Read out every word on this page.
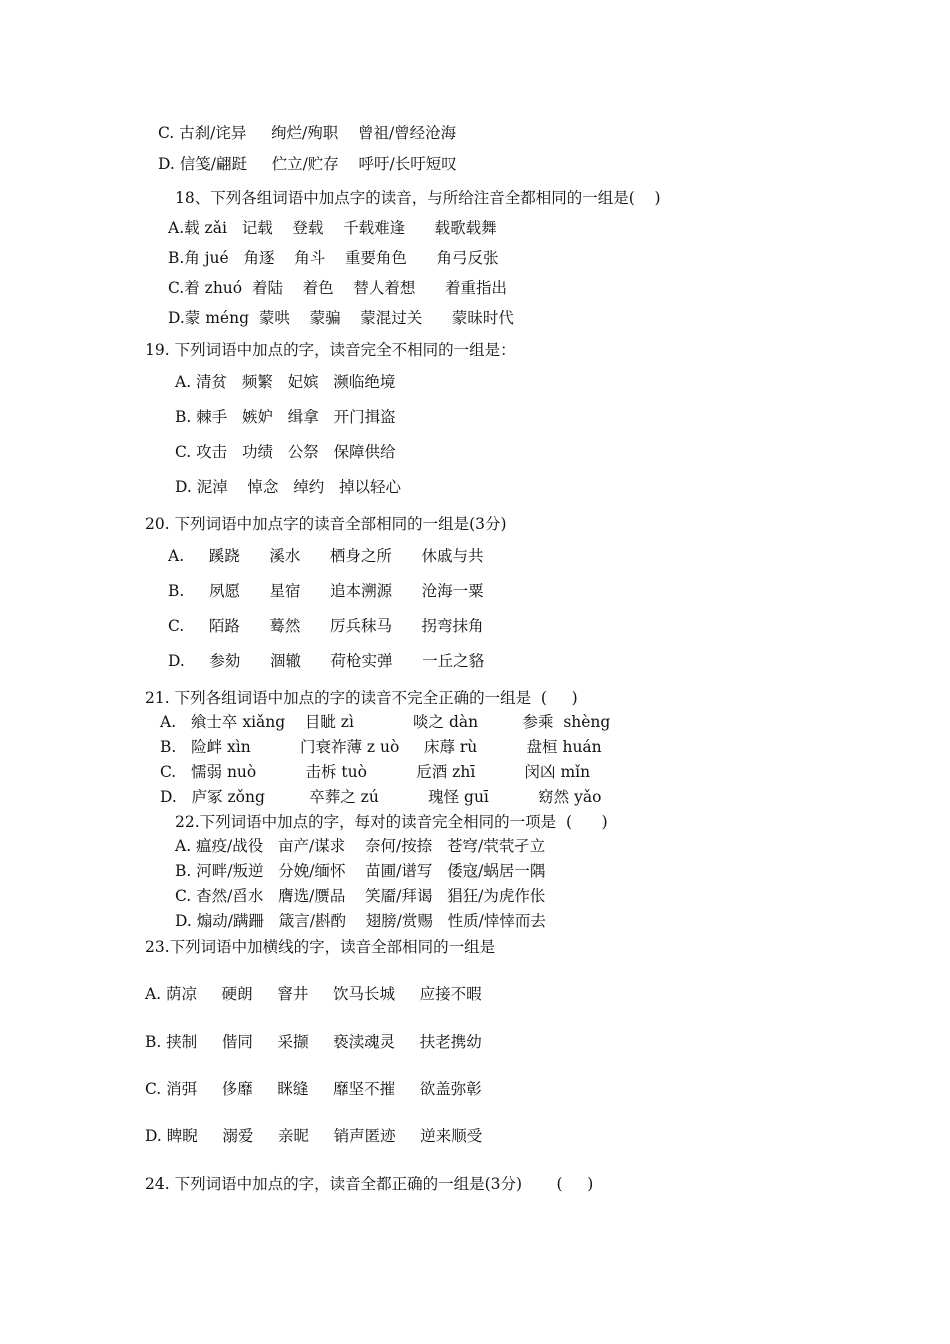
C. 古刹/诧异     绚烂/殉职    曾祖/曾经沧海
D. 信笺/翩跹     伫立/贮存    呼吁/长吁短叹
18、下列各组词语中加点字的读音，与所给注音全都相同的一组是(    )
A.载 zǎi   记载    登载    千载难逢      载歌载舞
B.角 jué   角逐    角斗    重要角色      角弓反张
C.着 zhuó  着陆    着色    替人着想      着重指出
D.蒙 méng  蒙哄    蒙骗    蒙混过关      蒙昧时代
19. 下列词语中加点的字，读音完全不相同的一组是：
A. 清贫   频繁   妃嫔   濒临绝境
B. 棘手   嫉妒   缉拿   开门揖盗
C. 攻击   功绩   公祭   保障供给
D. 泥淖    悼念   绰约   掉以轻心
20. 下列词语中加点字的读音全部相同的一组是(3分)
A.     蹊跷      溪水      栖身之所      休戚与共
B.     夙愿      星宿      追本溯源      沧海一粟
C.     陌路      蓦然      厉兵秣马      拐弯抹角
D.     参劾      涸辙      荷枪实弹      一丘之貉
21. 下列各组词语中加点的字的读音不完全正确的一组是  (     )
A.   飨士卒 xiǎng    目眦 zì            啖之 dàn         参乘  shèng
B.   险衅 xìn          门衰祚薄 z uò     床蓐 rù          盘桓 huán
C.   懦弱 nuò          击柝 tuò          卮酒 zhī          闵凶 mǐn
D.   庐冢 zǒng         卒葬之 zú          瑰怪 guī          窈然 yǎo
22.下列词语中加点的字，每对的读音完全相同的一项是  (      )
A. 瘟疫/战役   亩产/谋求    奈何/按捺   苍穹/茕茕孑立
B. 河畔/叛逆   分娩/缅怀    苗圃/谱写   倭寇/蜗居一隅
C. 杳然/舀水   膺选/赝品    笑靥/拜谒   猖狂/为虎作伥
D. 煽动/蹒跚   箴言/斟酌    翅膀/赏赐   性质/悻悻而去
23.下列词语中加横线的字，读音全部相同的一组是
A. 荫凉     硬朗     窨井     饮马长城     应接不暇
B. 挟制     偕同     采撷     亵渎魂灵     扶老携幼
C. 消弭     侈靡     眯缝     靡坚不摧     欲盖弥彰
D. 睥睨     溺爱     亲昵     销声匿迹     逆来顺受
24. 下列词语中加点的字，读音全都正确的一组是(3分)       (     )
